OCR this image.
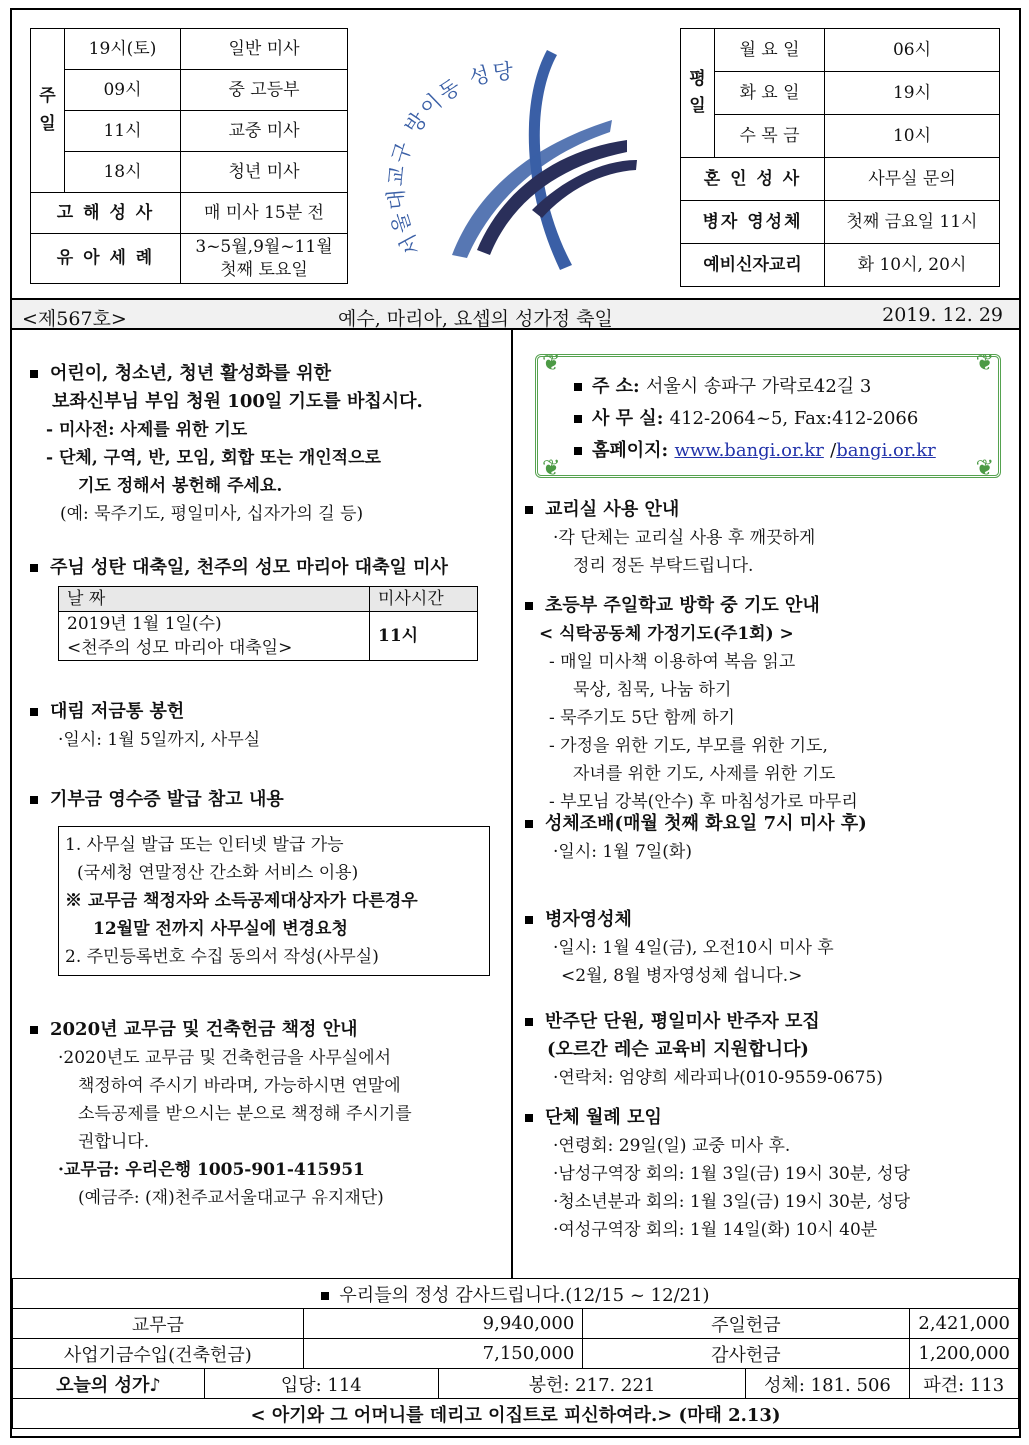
주
일	19시(토)	일반 미사
	09시	중 고등부
	11시	교중 미사
	18시	청년 미사
고 해 성 사		매 미사 15분 전
유 아 세 례		3~5월,9월~11월
첫째 토요일
서울대교구 방이동 성당	평
일	월 요 일	06시
	화 요 일	19시
	수 목 금	10시
혼 인 성 사		사무실 문의
병자 영성체		첫째 금요일 11시
예비신자교리		화 10시, 20시
<제567호>	예수, 마리아, 요셉의 성가정 축일	2019. 12. 29
어린이, 청소년, 청년 활성화를 위한
보좌신부님 부임 청원 100일 기도를 바칩시다.
- 미사전: 사제를 위한 기도
- 단체, 구역, 반, 모임, 회합 또는 개인적으로
기도 정해서 봉헌해 주세요.
(예: 묵주기도, 평일미사, 십자가의 길 등)
주님 성탄 대축일, 천주의 성모 마리아 대축일 미사
날 짜	미사시간

2019년 1월 1일(수)
<천주의 성모 마리아 대축일>	11시
대림 저금통 봉헌
·일시: 1월 5일까지, 사무실
기부금 영수증 발급 참고 내용
1. 사무실 발급 또는 인터넷 발급 가능
(국세청 연말정산 간소화 서비스 이용)
※ 교무금 책정자와 소득공제대상자가 다른경우
12월말 전까지 사무실에 변경요청
2. 주민등록번호 수집 동의서 작성(사무실)
2020년 교무금 및 건축헌금 책정 안내
·2020년도 교무금 및 건축헌금을 사무실에서
책정하여 주시기 바라며, 가능하시면 연말에
소득공제를 받으시는 분으로 책정해 주시기를
권합니다.
·교무금: 우리은행 1005-901-415951
(예금주: (재)천주교서울대교구 유지재단)
❦	❦
❦	❦
주 소: 서울시 송파구 가락로42길 3
사 무 실: 412-2064~5, Fax:412-2066
홈페이지: www.bangi.or.kr /bangi.or.kr
교리실 사용 안내
·각 단체는 교리실 사용 후 깨끗하게
정리 정돈 부탁드립니다.
초등부 주일학교 방학 중 기도 안내
< 식탁공동체 가정기도(주1회) >
- 매일 미사책 이용하여 복음 읽고
묵상, 침묵, 나눔 하기
- 묵주기도 5단 함께 하기
- 가정을 위한 기도, 부모를 위한 기도,
자녀를 위한 기도, 사제를 위한 기도
- 부모님 강복(안수) 후 마침성가로 마무리
성체조배(매월 첫째 화요일 7시 미사 후)
·일시: 1월 7일(화)
병자영성체
·일시: 1월 4일(금), 오전10시 미사 후
<2월, 8월 병자영성체 쉽니다.>
반주단 단원, 평일미사 반주자 모집
(오르간 레슨 교육비 지원합니다)
·연락처: 엄양희 세라피나(010-9559-0675)
단체 월례 모임
·연령회: 29일(일) 교중 미사 후.
·남성구역장 회의: 1월 3일(금) 19시 30분, 성당
·청소년분과 회의: 1월 3일(금) 19시 30분, 성당
·여성구역장 회의: 1월 14일(화) 10시 40분
우리들의 정성 감사드립니다.(12/15 ~ 12/21)						
교무금		9,940,000		주일헌금		2,421,000
사업기금수입(건축헌금)		7,150,000		감사헌금		1,200,000
오늘의 성가♪	입당: 114		봉헌: 217. 221		성체: 181. 506	파견: 113
< 아기와 그 어머니를 데리고 이집트로 피신하여라.> (마태 2.13)						
